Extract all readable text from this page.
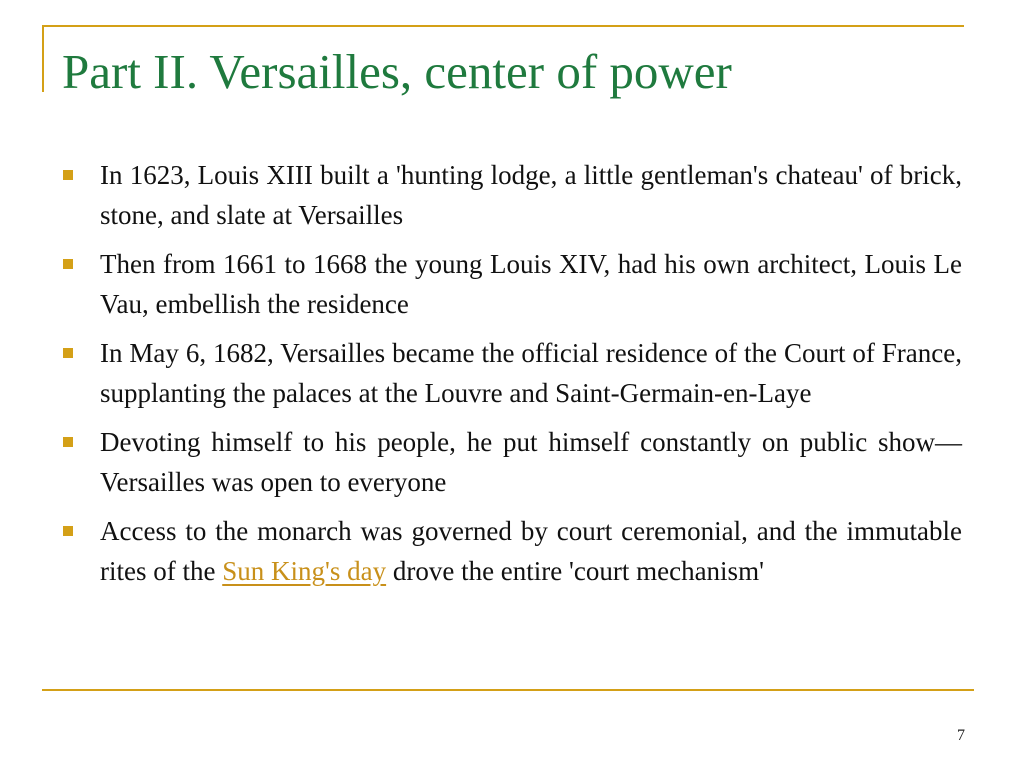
Part II. Versailles, center of power
In 1623, Louis XIII built a 'hunting lodge, a little gentleman's chateau' of brick, stone, and slate at Versailles
Then from 1661 to 1668 the young Louis XIV, had his own architect, Louis Le Vau, embellish the residence
In May 6, 1682, Versailles became the official residence of the Court of France, supplanting the palaces at the Louvre and Saint-Germain-en-Laye
Devoting himself to his people, he put himself constantly on public show—Versailles was open to everyone
Access to the monarch was governed by court ceremonial, and the immutable rites of the Sun King's day drove the entire 'court mechanism'
7
